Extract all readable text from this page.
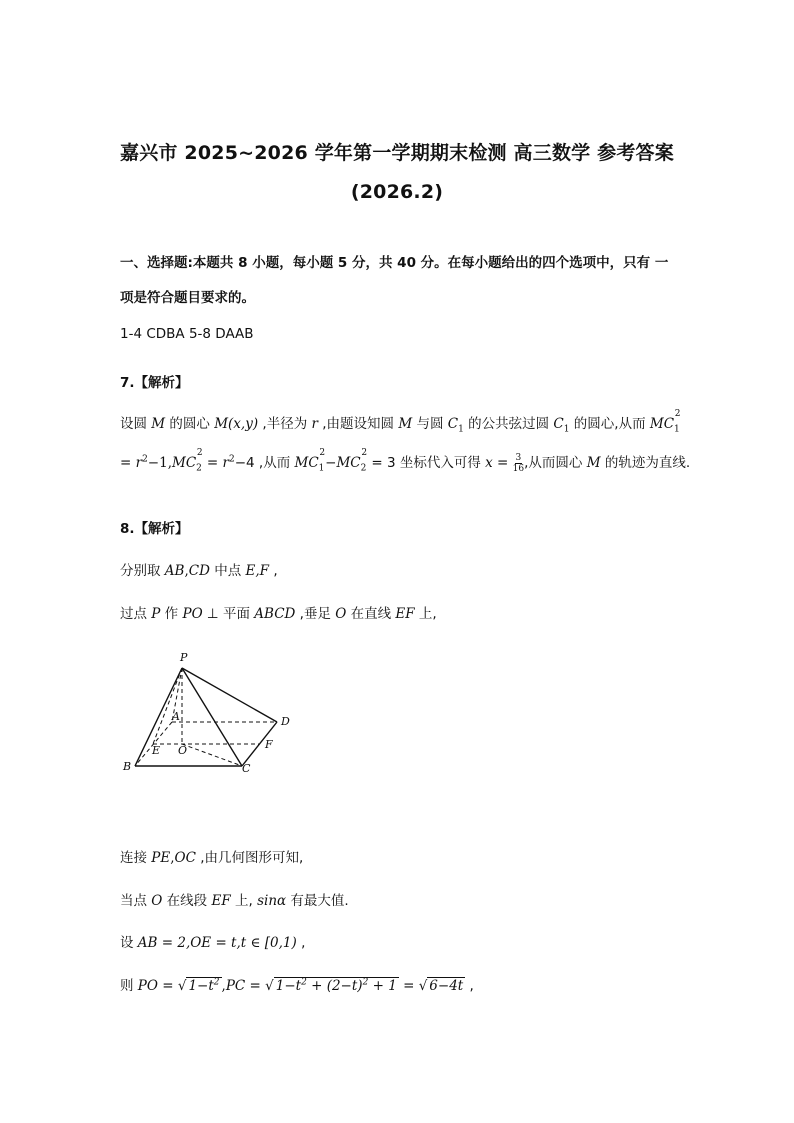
嘉兴市 2025~2026 学年第一学期期末检测 高三数学 参考答案
(2026.2)
一、选择题:本题共 8 小题，每小题 5 分，共 40 分。在每小题给出的四个选项中，只有 一
项是符合题目要求的。
1-4 CDBA 5-8 DAAB
7.【解析】
设圆 M 的圆心 M(x,y) ,半径为 r ,由题设知圆 M 与圆 $C_1$ 的公共弦过圆 $C_1$ 的圆心,从而 $MC_1^2$
= $r^2-1,MC_2^2 = r^2-4$ ,从而 $MC_1^2-MC_2^2 = 3$ 坐标代入可得 $x = \frac{3}{16}$ ,从而圆心 M 的轨迹为直线.
8.【解析】
分别取 AB,CD 中点 E,F ,
过点 P 作 PO ⊥ 平面 ABCD ,垂足 O 在直线 EF 上,
P
A	D
E O	F
B	C
连接 PE,OC ,由几何图形可知,
当点 O 在线段 EF 上, sinα 有最大值.
设 AB = 2,OE = t,t ∈ [0,1) ,
则 PO = √ $1-t^2$ ,PC = √ $1-t^2 + (2-t)^2 + 1$ = √ 6−4t ,
